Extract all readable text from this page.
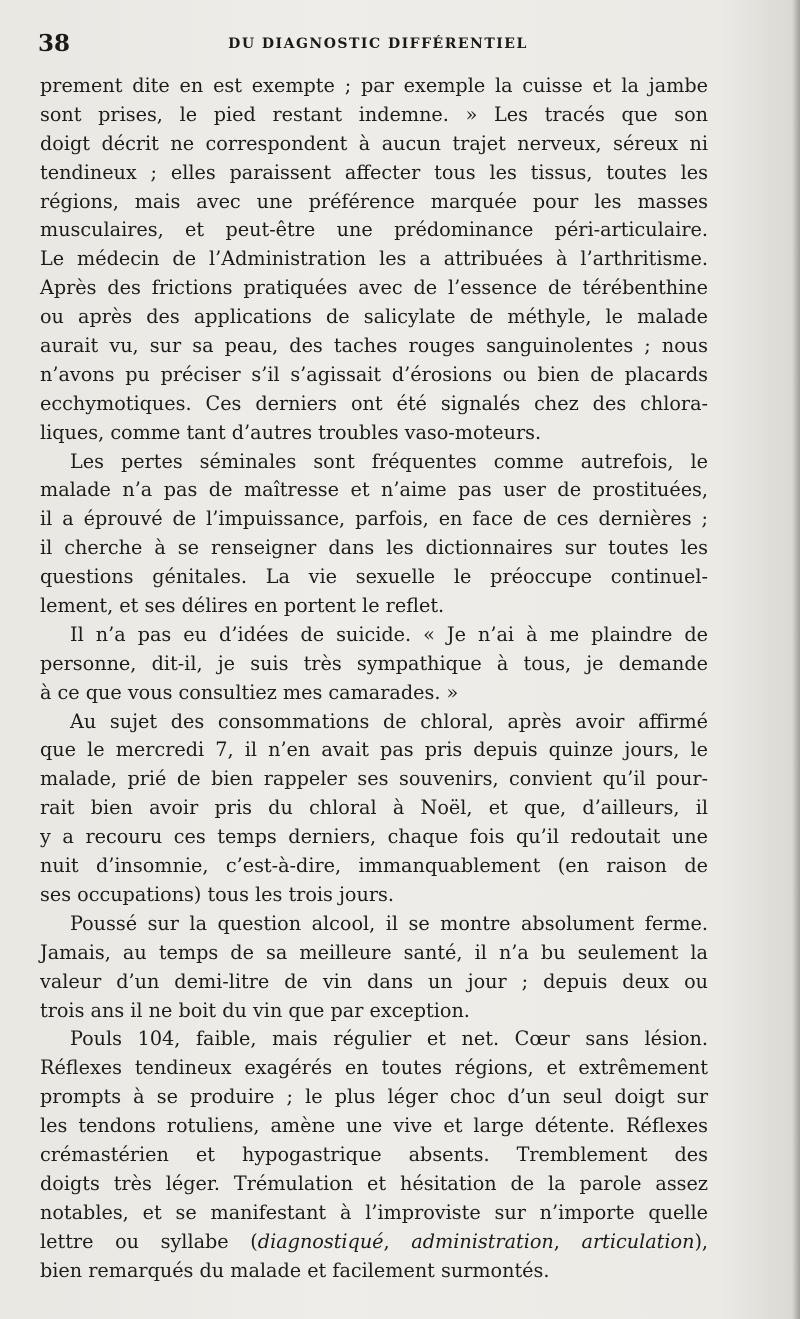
38	DU DIAGNOSTIC DIFFÉRENTIEL
prement dite en est exempte ; par exemple la cuisse et la jambe
sont prises, le pied restant indemne. » Les tracés que son
doigt décrit ne correspondent à aucun trajet nerveux, séreux ni
tendineux ; elles paraissent affecter tous les tissus, toutes les
régions, mais avec une préférence marquée pour les masses
musculaires, et peut-être une prédominance péri-articulaire.
Le médecin de l’Administration les a attribuées à l’arthritisme.
Après des frictions pratiquées avec de l’essence de térébenthine
ou après des applications de salicylate de méthyle, le malade
aurait vu, sur sa peau, des taches rouges sanguinolentes ; nous
n’avons pu préciser s’il s’agissait d’érosions ou bien de placards
ecchymotiques. Ces derniers ont été signalés chez des chlora-
liques, comme tant d’autres troubles vaso-moteurs.
Les pertes séminales sont fréquentes comme autrefois, le
malade n’a pas de maîtresse et n’aime pas user de prostituées,
il a éprouvé de l’impuissance, parfois, en face de ces dernières ;
il cherche à se renseigner dans les dictionnaires sur toutes les
questions génitales. La vie sexuelle le préoccupe continuel-
lement, et ses délires en portent le reflet.
Il n’a pas eu d’idées de suicide. « Je n’ai à me plaindre de
personne, dit-il, je suis très sympathique à tous, je demande
à ce que vous consultiez mes camarades. »
Au sujet des consommations de chloral, après avoir affirmé
que le mercredi 7, il n’en avait pas pris depuis quinze jours, le
malade, prié de bien rappeler ses souvenirs, convient qu’il pour-
rait bien avoir pris du chloral à Noël, et que, d’ailleurs, il
y a recouru ces temps derniers, chaque fois qu’il redoutait une
nuit d’insomnie, c’est-à-dire, immanquablement (en raison de
ses occupations) tous les trois jours.
Poussé sur la question alcool, il se montre absolument ferme.
Jamais, au temps de sa meilleure santé, il n’a bu seulement la
valeur d’un demi-litre de vin dans un jour ; depuis deux ou
trois ans il ne boit du vin que par exception.
Pouls 104, faible, mais régulier et net. Cœur sans lésion.
Réflexes tendineux exagérés en toutes régions, et extrêmement
prompts à se produire ; le plus léger choc d’un seul doigt sur
les tendons rotuliens, amène une vive et large détente. Réflexes
crémastérien et hypogastrique absents. Tremblement des
doigts très léger. Trémulation et hésitation de la parole assez
notables, et se manifestant à l’improviste sur n’importe quelle
lettre ou syllabe (diagnostiqué, administration, articulation),
bien remarqués du malade et facilement surmontés.
